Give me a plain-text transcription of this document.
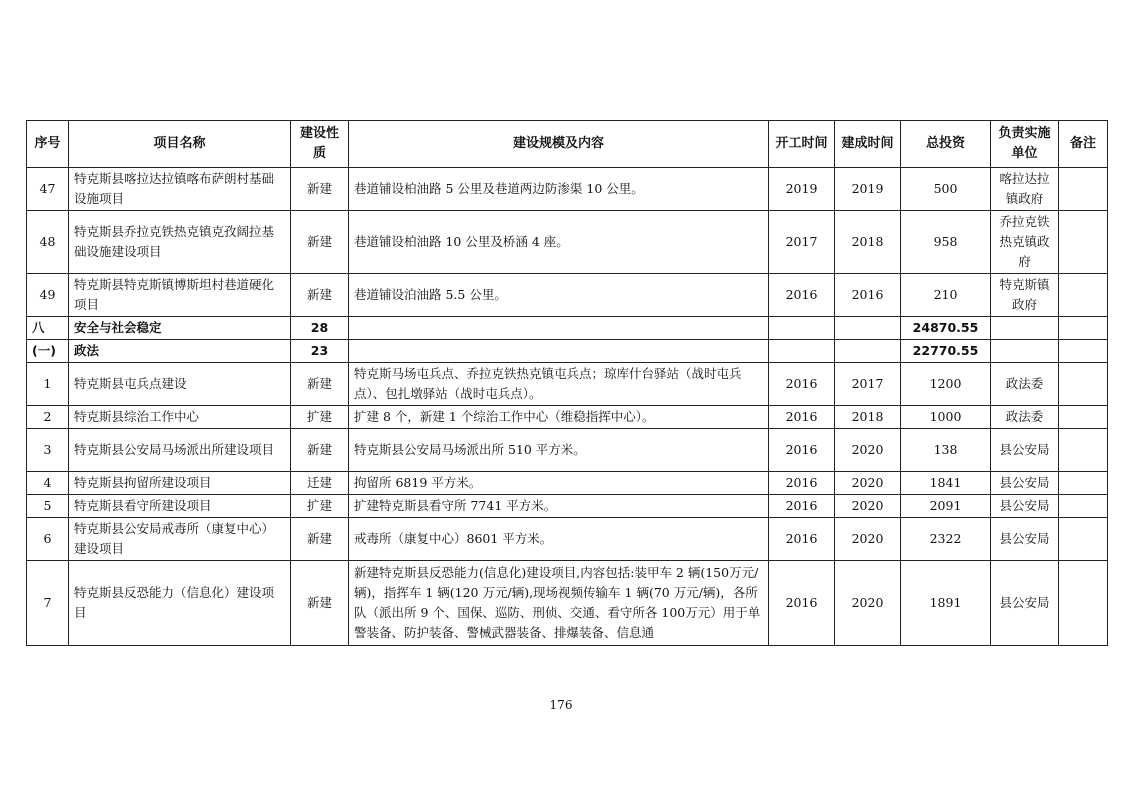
序号	项目名称	建设性质	建设规模及内容	开工时间	建成时间	总投资	负责实施单位	备注
47	特克斯县喀拉达拉镇喀布萨朗村基础设施项目	新建	巷道铺设柏油路 5 公里及巷道两边防渗渠 10 公里。	2019	2019	500	喀拉达拉镇政府	
48	特克斯县乔拉克铁热克镇克孜阔拉基础设施建设项目	新建	巷道铺设柏油路 10 公里及桥涵 4 座。	2017	2018	958	乔拉克铁热克镇政府	
49	特克斯县特克斯镇博斯坦村巷道硬化项目	新建	巷道铺设泊油路 5.5 公里。	2016	2016	210	特克斯镇政府	
八	安全与社会稳定	28				24870.55		
(一)	政法	23				22770.55		
1	特克斯县屯兵点建设	新建	特克斯马场屯兵点、乔拉克铁热克镇屯兵点；琼库什台驿站（战时屯兵点）、包扎墩驿站（战时屯兵点）。	2016	2017	1200	政法委	
2	特克斯县综治工作中心	扩建	扩建 8 个，新建 1 个综治工作中心（维稳指挥中心）。	2016	2018	1000	政法委	
3	特克斯县公安局马场派出所建设项目	新建	特克斯县公安局马场派出所 510 平方米。	2016	2020	138	县公安局	
4	特克斯县拘留所建设项目	迁建	拘留所 6819 平方米。	2016	2020	1841	县公安局	
5	特克斯县看守所建设项目	扩建	扩建特克斯县看守所 7741 平方米。	2016	2020	2091	县公安局	
6	特克斯县公安局戒毒所（康复中心）建设项目	新建	戒毒所（康复中心）8601 平方米。	2016	2020	2322	县公安局	
7	特克斯县反恐能力（信息化）建设项目	新建	新建特克斯县反恐能力(信息化)建设项目,内容包括:装甲车 2 辆(150万元/辆)，指挥车 1 辆(120 万元/辆),现场视频传输车 1 辆(70 万元/辆)，各所队（派出所 9 个、国保、巡防、刑侦、交通、看守所各 100万元）用于单警装备、防护装备、警械武器装备、排爆装备、信息通	2016	2020	1891	县公安局	
176
